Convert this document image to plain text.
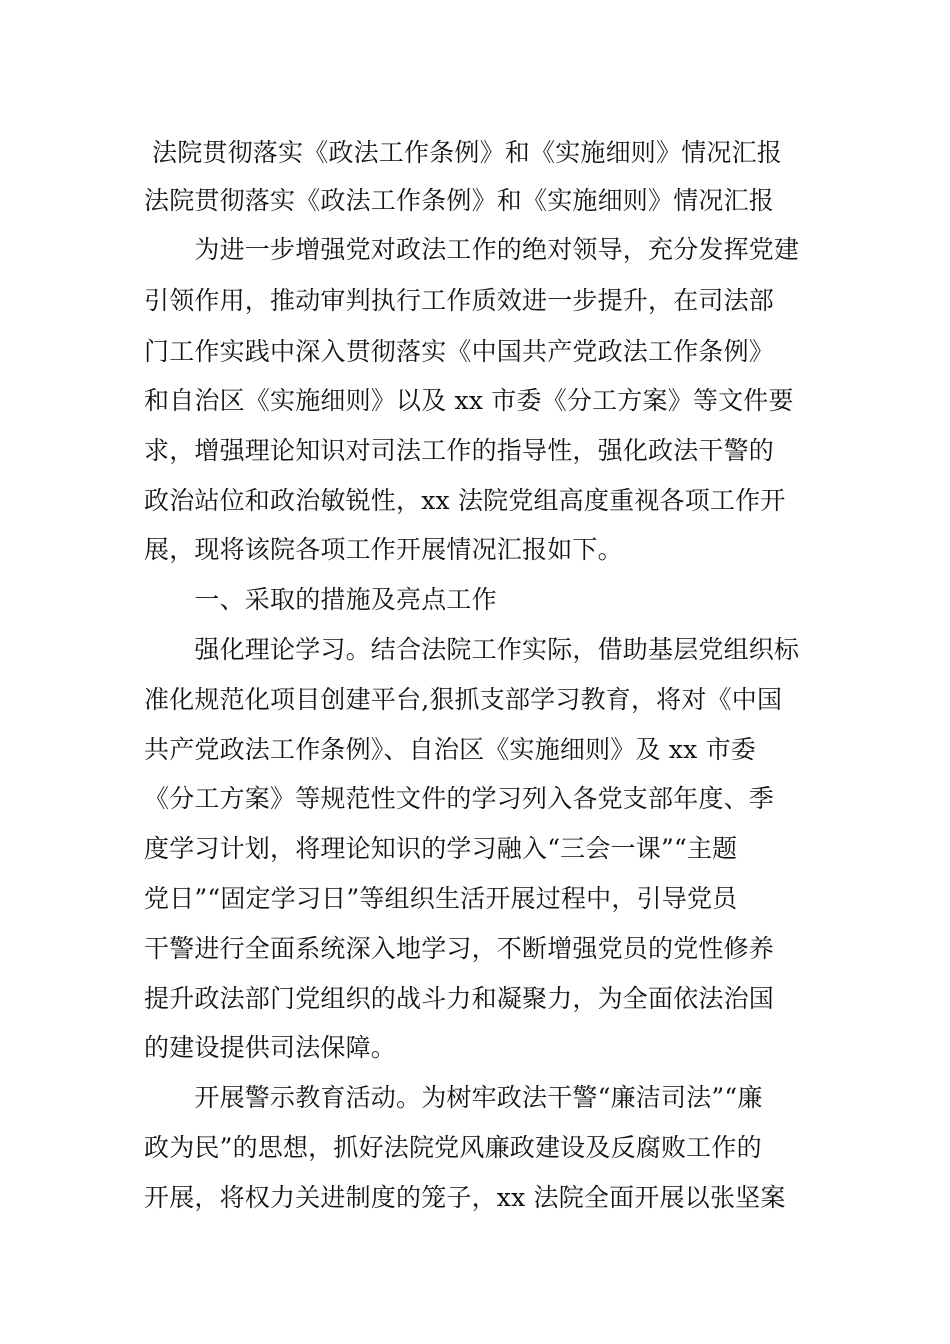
法院贯彻落实《政法工作条例》和《实施细则》情况汇报
法院贯彻落实《政法工作条例》和《实施细则》情况汇报
　　为进一步增强党对政法工作的绝对领导，充分发挥党建
引领作用，推动审判执行工作质效进一步提升，在司法部
门工作实践中深入贯彻落实《中国共产党政法工作条例》
和自治区《实施细则》以及 xx 市委《分工方案》等文件要
求，增强理论知识对司法工作的指导性，强化政法干警的
政治站位和政治敏锐性，xx 法院党组高度重视各项工作开
展，现将该院各项工作开展情况汇报如下。
　　一、采取的措施及亮点工作
　　强化理论学习。结合法院工作实际，借助基层党组织标
准化规范化项目创建平台,狠抓支部学习教育，将对《中国
共产党政法工作条例》、自治区《实施细则》及 xx 市委
《分工方案》等规范性文件的学习列入各党支部年度、季
度学习计划，将理论知识的学习融入“三会一课”“主题
党日”“固定学习日”等组织生活开展过程中，引导党员
干警进行全面系统深入地学习，不断增强党员的党性修养
提升政法部门党组织的战斗力和凝聚力，为全面依法治国
的建设提供司法保障。
　　开展警示教育活动。为树牢政法干警“廉洁司法”“廉
政为民”的思想，抓好法院党风廉政建设及反腐败工作的
开展，将权力关进制度的笼子，xx 法院全面开展以张坚案
